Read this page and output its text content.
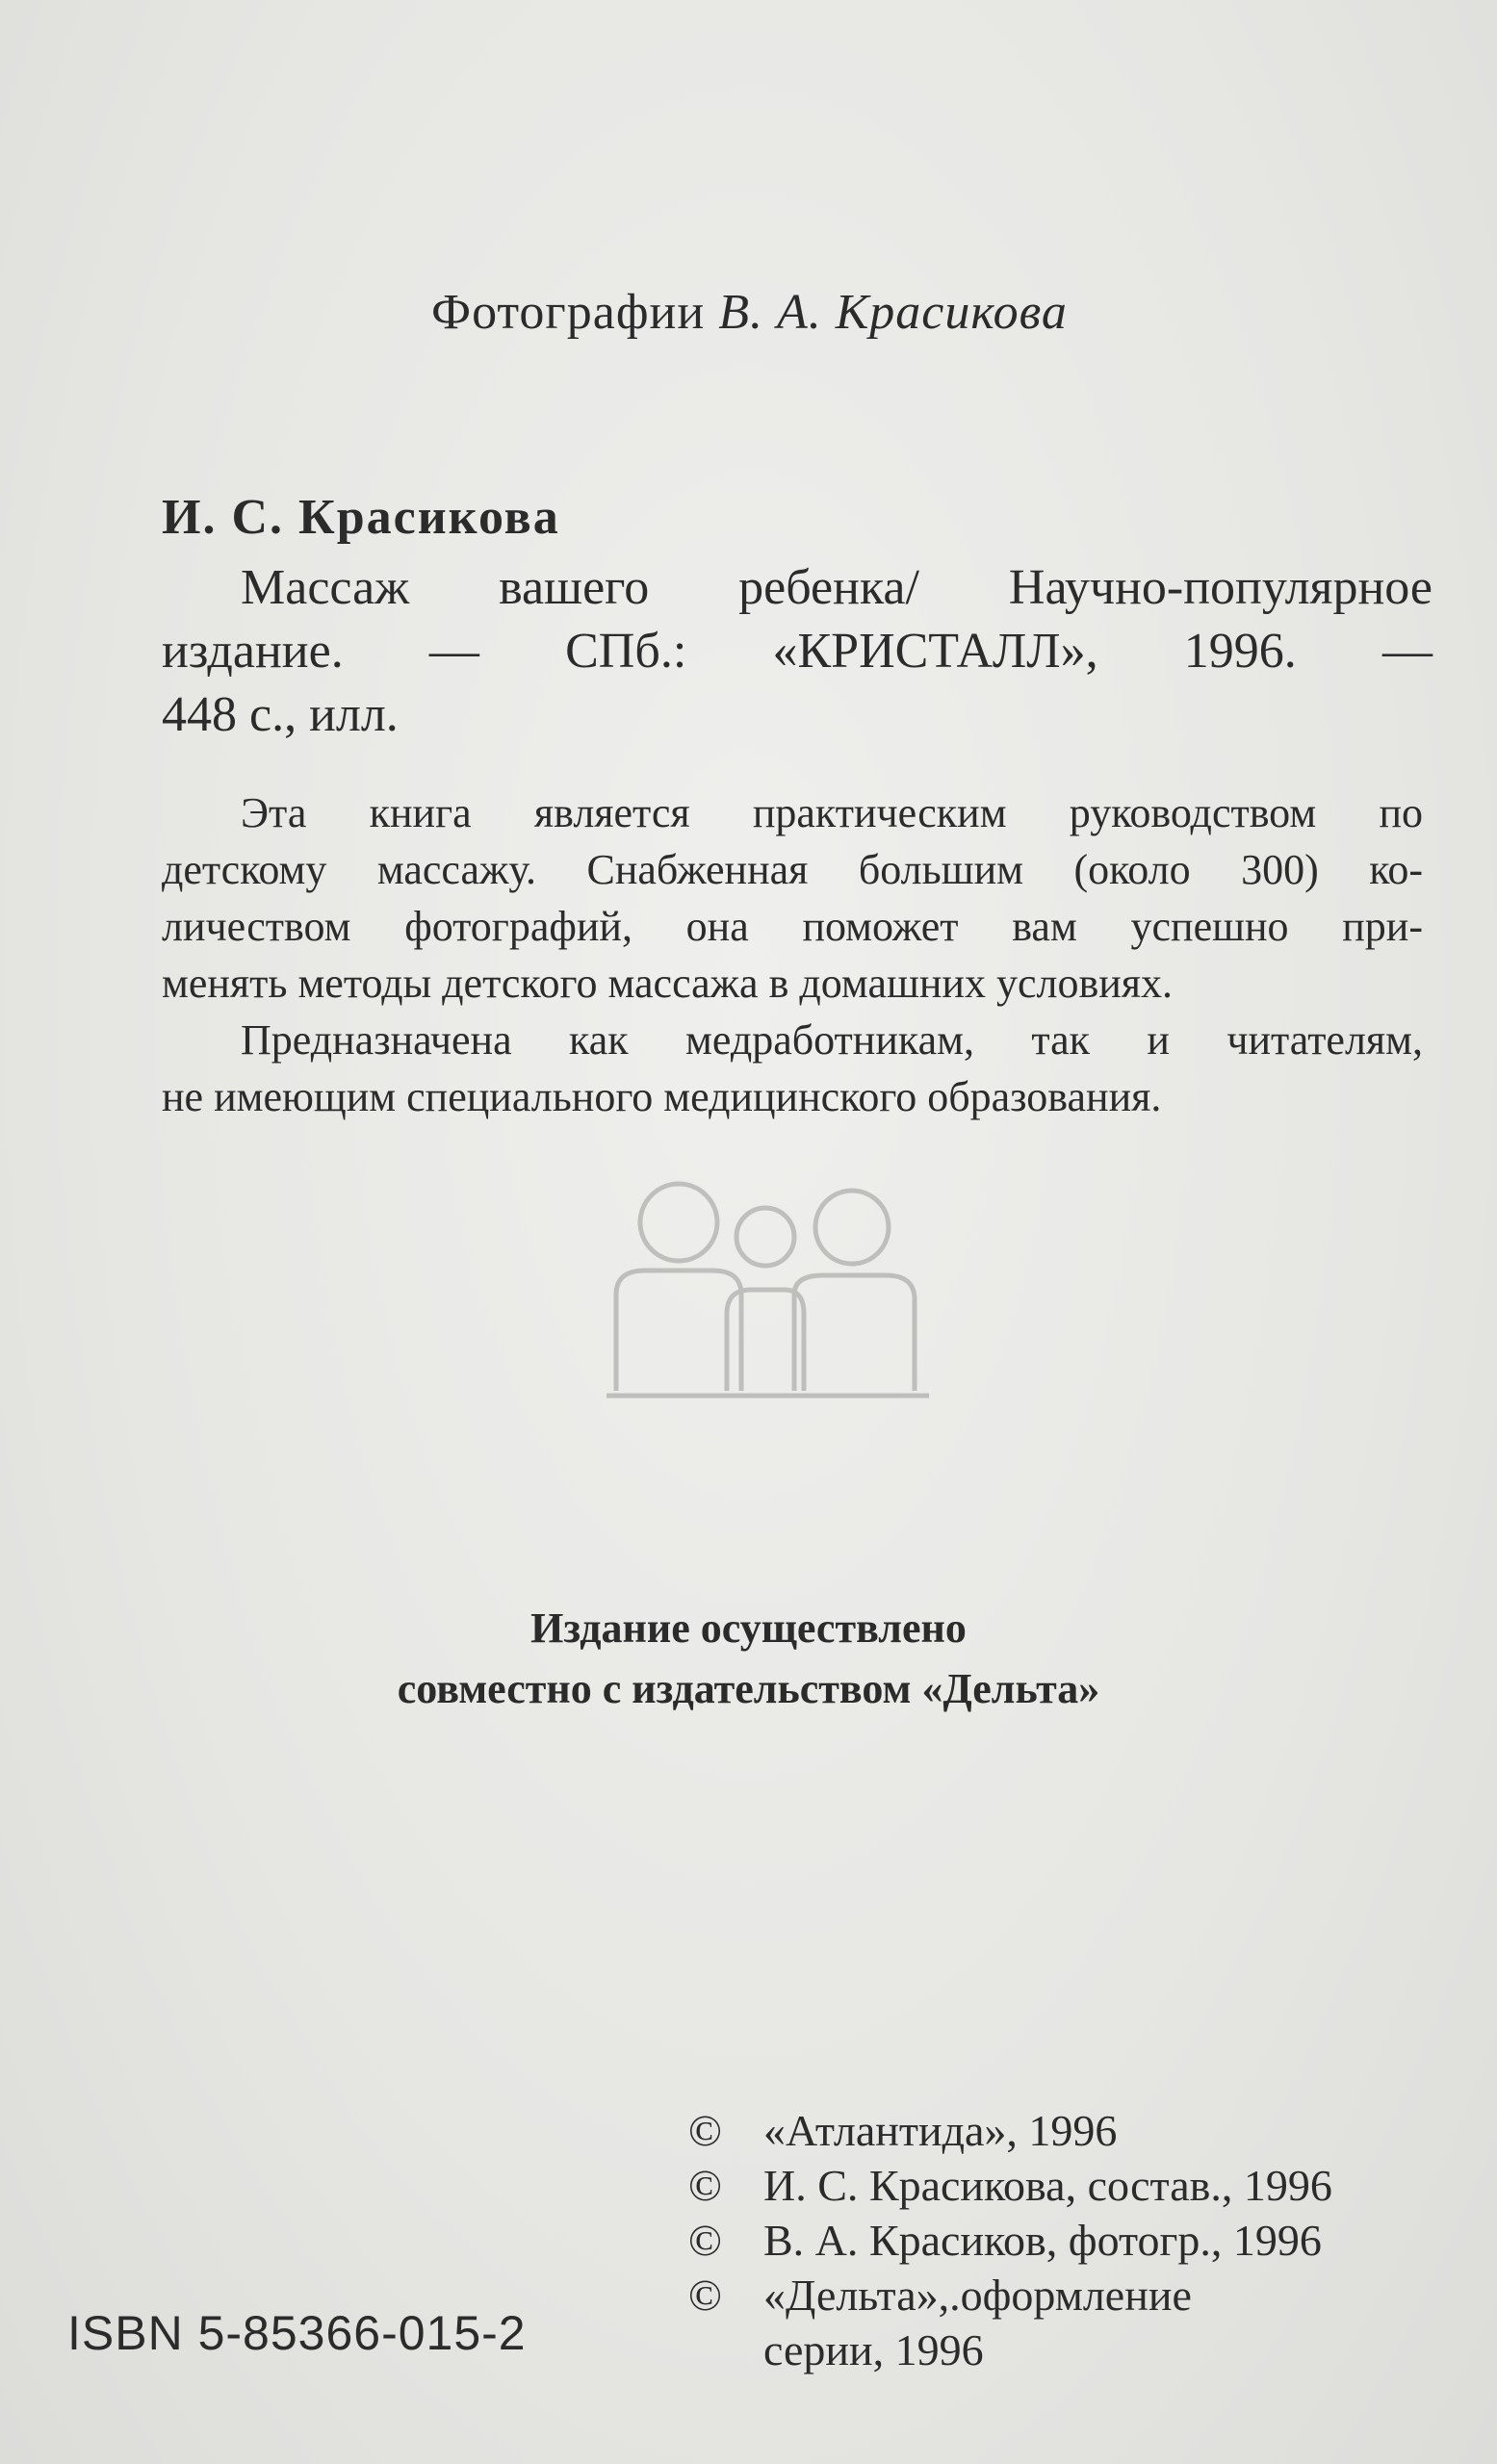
Фотографии В. А. Красикова
И. С. Красикова
Массаж вашего ребенка/ Научно-популярное
издание. — СПб.: «КРИСТАЛЛ», 1996. —
448 с., илл.
Эта книга является практическим руководством по
детскому массажу. Снабженная большим (около 300) ко-
личеством фотографий, она поможет вам успешно при-
менять методы детского массажа в домашних условиях.
Предназначена как медработникам, так и читателям,
не имеющим специального медицинского образования.
Издание осуществлено
совместно с издательством «Дельта»
© «Атлантида», 1996
© И. С. Красикова, состав., 1996
© В. А. Красиков, фотогр., 1996
© «Дельта»,.оформление
серии, 1996
ISBN 5-85366-015-2
